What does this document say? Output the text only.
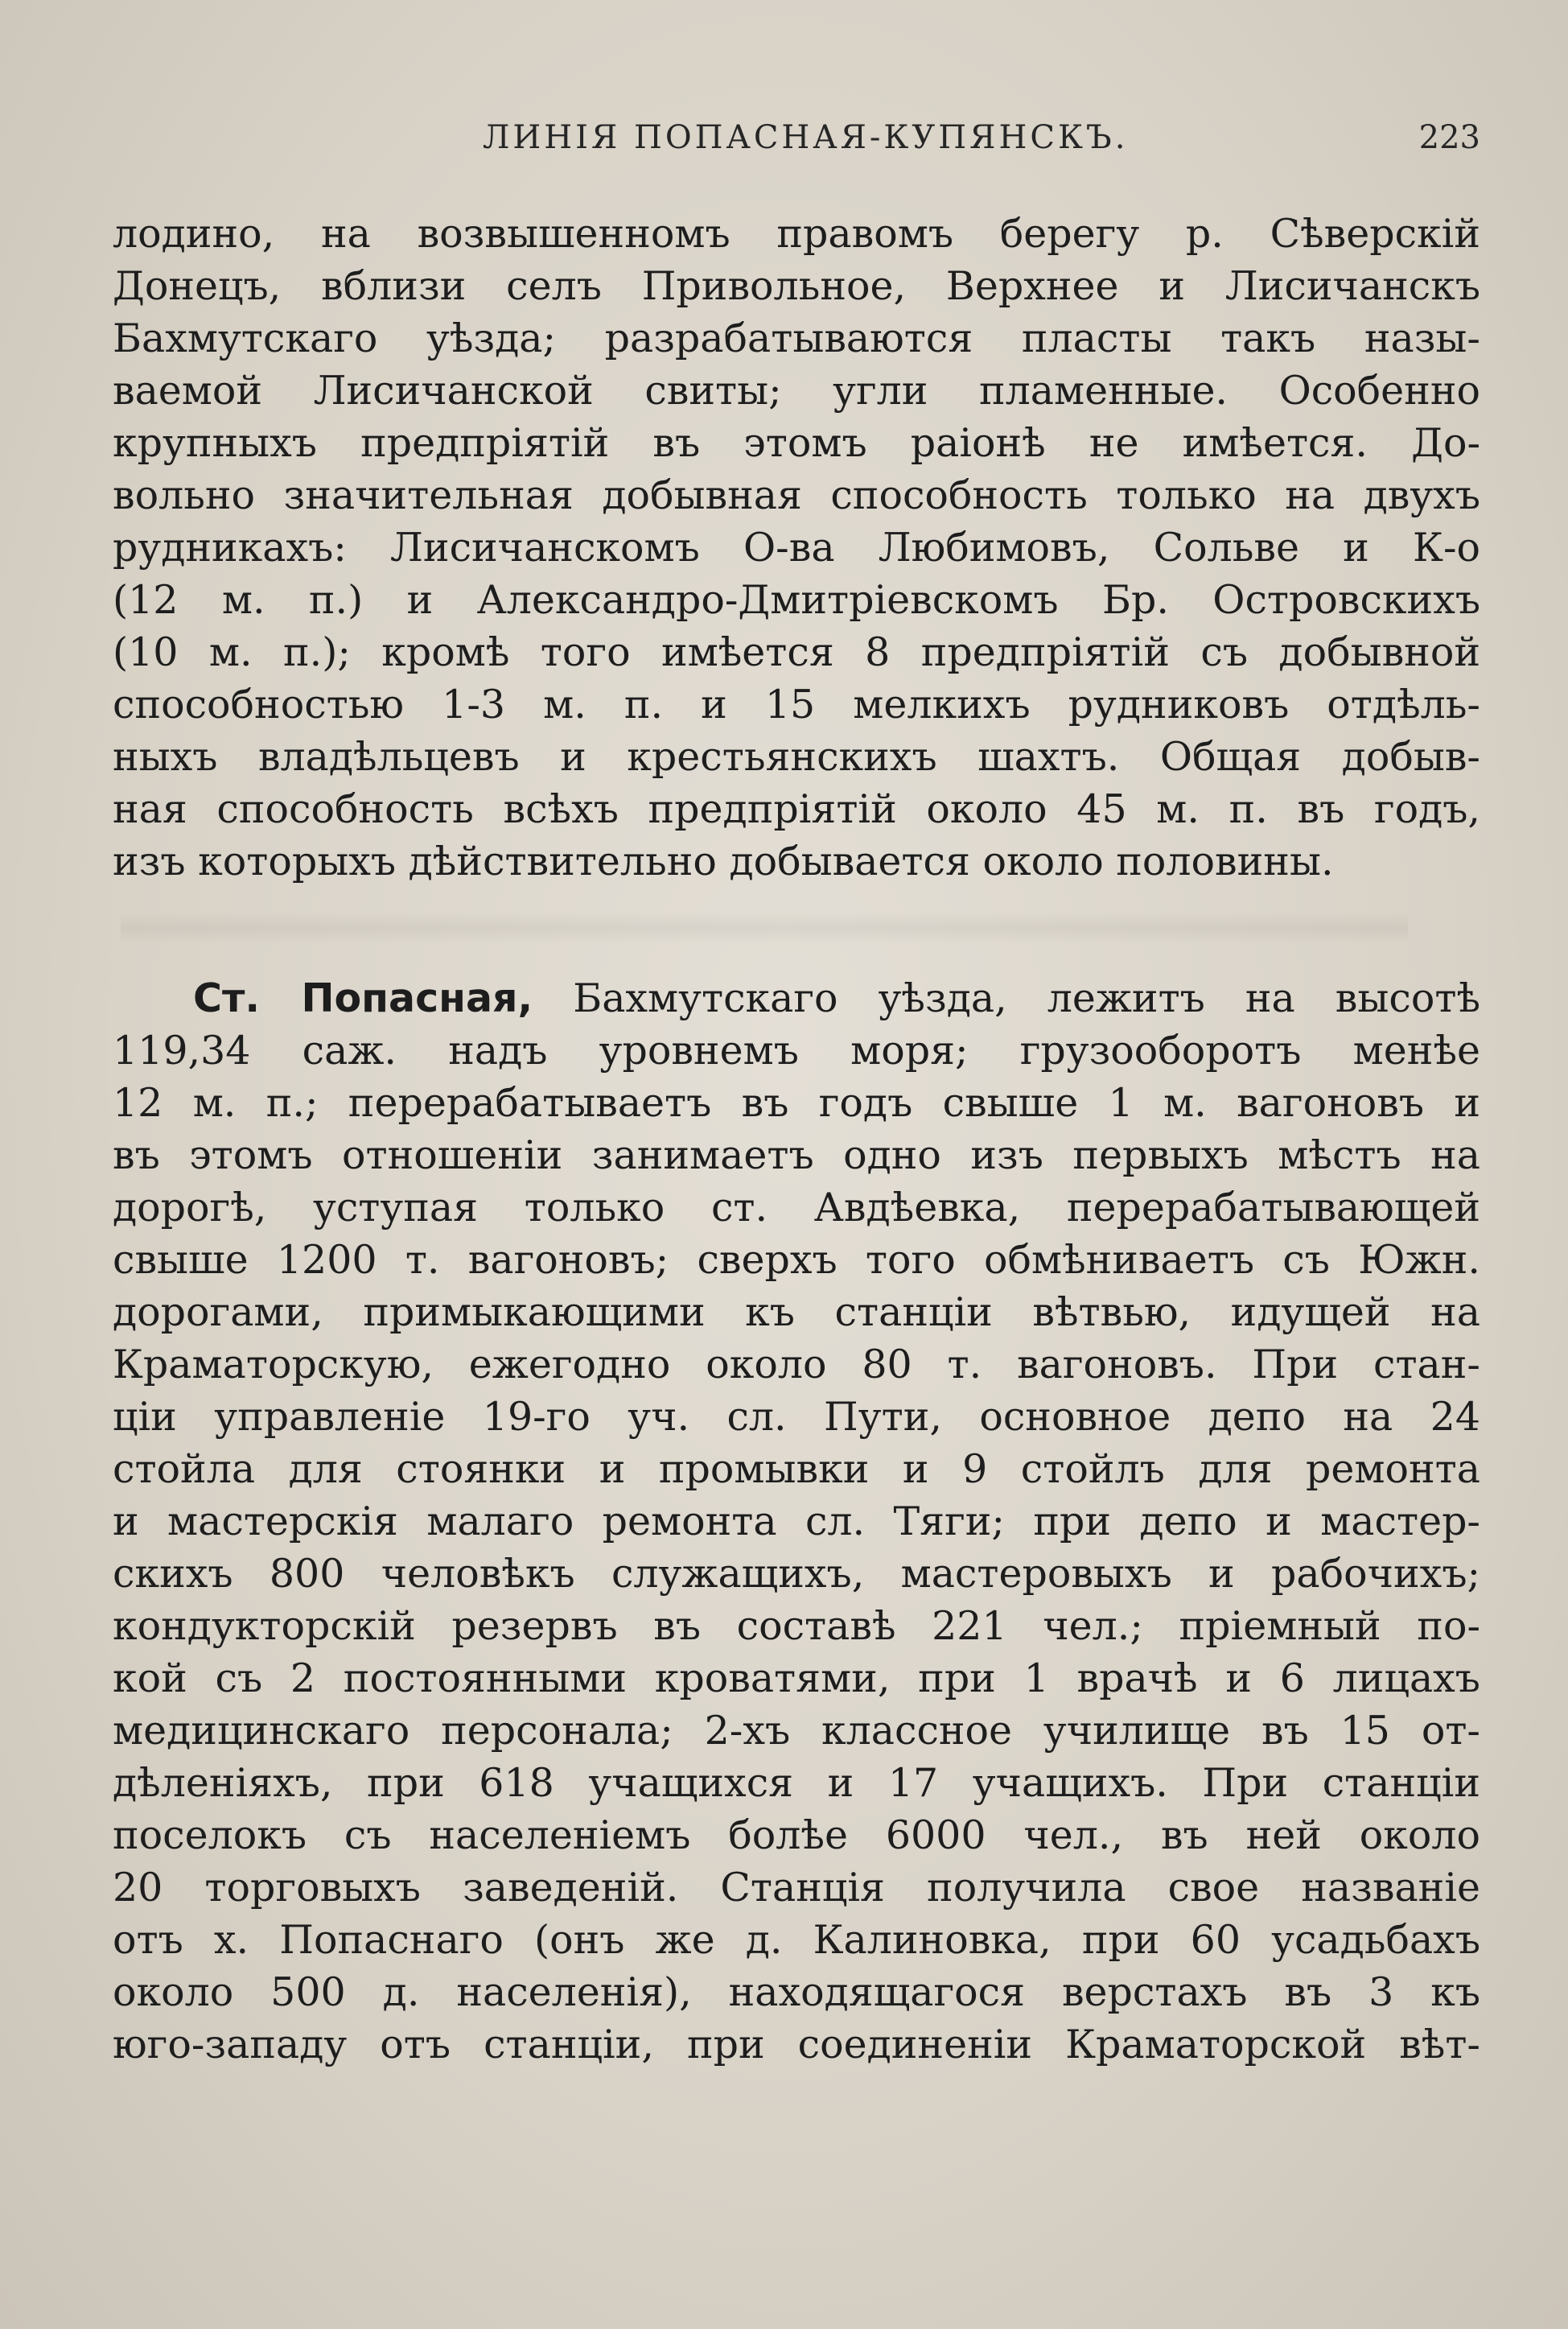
ЛИНІЯ ПОПАСНАЯ-КУПЯНСКЪ.	223
лодино, на возвышенномъ правомъ берегу р. Сѣверскій
Донецъ, вблизи селъ Привольное, Верхнее и Лисичанскъ
Бахмутскаго уѣзда; разрабатываются пласты такъ назы-
ваемой Лисичанской свиты; угли пламенные. Особенно
крупныхъ предпріятій въ этомъ раіонѣ не имѣется. До-
вольно значительная добывная способность только на двухъ
рудникахъ: Лисичанскомъ О-ва Любимовъ, Сольве и К-о
(12 м. п.) и Александро-Дмитріевскомъ Бр. Островскихъ
(10 м. п.); кромѣ того имѣется 8 предпріятій съ добывной
способностью 1-3 м. п. и 15 мелкихъ рудниковъ отдѣль-
ныхъ владѣльцевъ и крестьянскихъ шахтъ. Общая добыв-
ная способность всѣхъ предпріятій около 45 м. п. въ годъ,
изъ которыхъ дѣйствительно добывается около половины.
Ст. Попасная, Бахмутскаго уѣзда, лежитъ на высотѣ
119,34 саж. надъ уровнемъ моря; грузооборотъ менѣе
12 м. п.; перерабатываетъ въ годъ свыше 1 м. вагоновъ и
въ этомъ отношеніи занимаетъ одно изъ первыхъ мѣстъ на
дорогѣ, уступая только ст. Авдѣевка, перерабатывающей
свыше 1200 т. вагоновъ; сверхъ того обмѣниваетъ съ Южн.
дорогами, примыкающими къ станціи вѣтвью, идущей на
Краматорскую, ежегодно около 80 т. вагоновъ. При стан-
ціи управленіе 19-го уч. сл. Пути, основное депо на 24
стойла для стоянки и промывки и 9 стойлъ для ремонта
и мастерскія малаго ремонта сл. Тяги; при депо и мастер-
скихъ 800 человѣкъ служащихъ, мастеровыхъ и рабочихъ;
кондукторскій резервъ въ составѣ 221 чел.; пріемный по-
кой съ 2 постоянными кроватями, при 1 врачѣ и 6 лицахъ
медицинскаго персонала; 2-хъ классное училище въ 15 от-
дѣленіяхъ, при 618 учащихся и 17 учащихъ. При станціи
поселокъ съ населеніемъ болѣе 6000 чел., въ ней около
20 торговыхъ заведеній. Станція получила свое названіе
отъ х. Попаснаго (онъ же д. Калиновка, при 60 усадьбахъ
около 500 д. населенія), находящагося верстахъ въ 3 къ
юго-западу отъ станціи, при соединеніи Краматорской вѣт-
